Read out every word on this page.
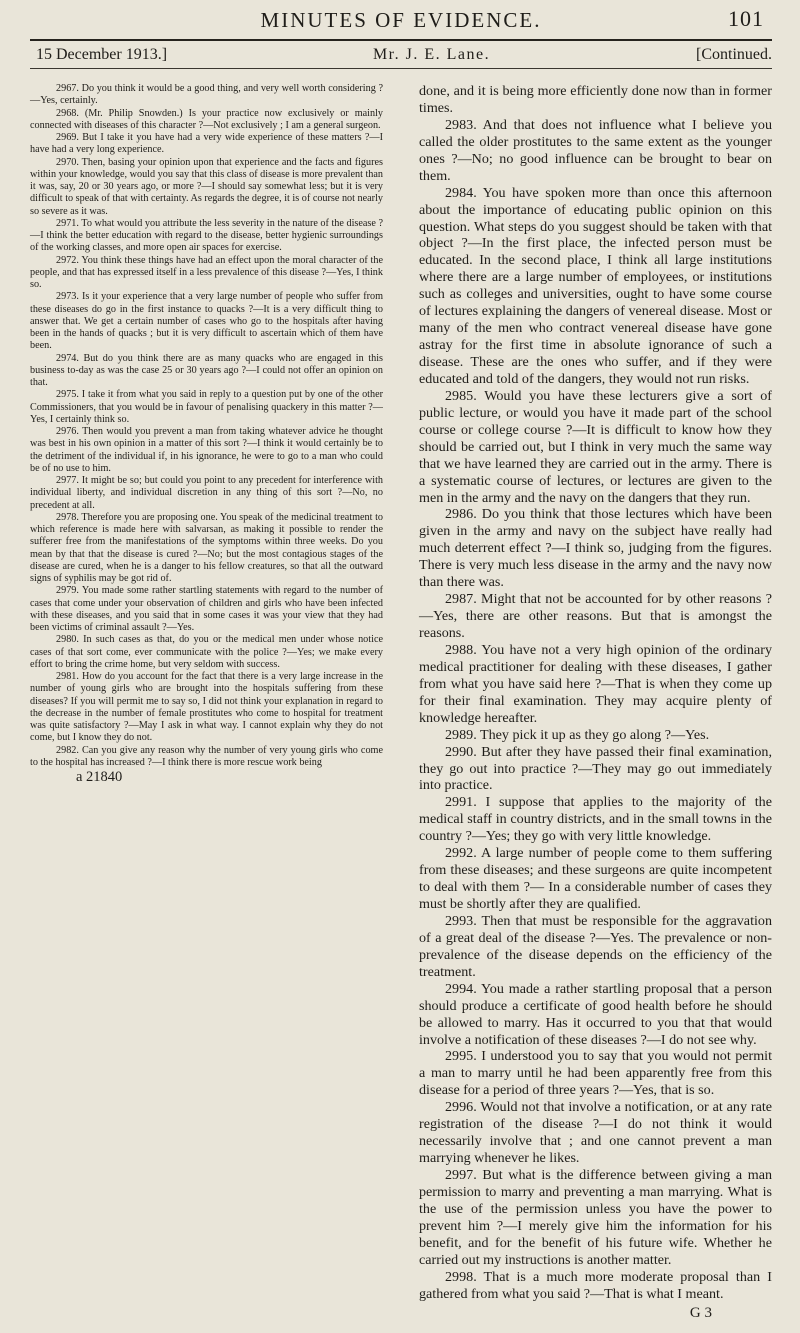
MINUTES OF EVIDENCE.	101
15 December 1913.]	Mr. J. E. Lane.	[Continued.

2967. Do you think it would be a good thing, and very well worth considering ?—Yes, certainly.

2968. (Mr. Philip Snowden.) Is your practice now exclusively or mainly connected with diseases of this character ?—Not exclusively ; I am a general surgeon.

2969. But I take it you have had a very wide experience of these matters ?—I have had a very long experience.

2970. Then, basing your opinion upon that experience and the facts and figures within your knowledge, would you say that this class of disease is more prevalent than it was, say, 20 or 30 years ago, or more ?—I should say somewhat less; but it is very difficult to speak of that with certainty. As regards the degree, it is of course not nearly so severe as it was.

2971. To what would you attribute the less severity in the nature of the disease ?—I think the better education with regard to the disease, better hygienic surroundings of the working classes, and more open air spaces for exercise.

2972. You think these things have had an effect upon the moral character of the people, and that has expressed itself in a less prevalence of this disease ?—Yes, I think so.

2973. Is it your experience that a very large number of people who suffer from these diseases do go in the first instance to quacks ?—It is a very difficult thing to answer that. We get a certain number of cases who go to the hospitals after having been in the hands of quacks ; but it is very difficult to ascertain which of them have been.

2974. But do you think there are as many quacks who are engaged in this business to-day as was the case 25 or 30 years ago ?—I could not offer an opinion on that.

2975. I take it from what you said in reply to a question put by one of the other Commissioners, that you would be in favour of penalising quackery in this matter ?—Yes, I certainly think so.

2976. Then would you prevent a man from taking whatever advice he thought was best in his own opinion in a matter of this sort ?—I think it would certainly be to the detriment of the individual if, in his ignorance, he were to go to a man who could be of no use to him.

2977. It might be so; but could you point to any precedent for interference with individual liberty, and individual discretion in any thing of this sort ?—No, no precedent at all.

2978. Therefore you are proposing one. You speak of the medicinal treatment to which reference is made here with salvarsan, as making it possible to render the sufferer free from the manifestations of the symptoms within three weeks. Do you mean by that that the disease is cured ?—No; but the most contagious stages of the disease are cured, when he is a danger to his fellow creatures, so that all the outward signs of syphilis may be got rid of.

2979. You made some rather startling statements with regard to the number of cases that come under your observation of children and girls who have been infected with these diseases, and you said that in some cases it was your view that they had been victims of criminal assault ?—Yes.

2980. In such cases as that, do you or the medical men under whose notice cases of that sort come, ever communicate with the police ?—Yes; we make every effort to bring the crime home, but very seldom with success.

2981. How do you account for the fact that there is a very large increase in the number of young girls who are brought into the hospitals suffering from these diseases? If you will permit me to say so, I did not think your explanation in regard to the decrease in the number of female prostitutes who come to hospital for treatment was quite satisfactory ?—May I ask in what way. I cannot explain why they do not come, but I know they do not.

2982. Can you give any reason why the number of very young girls who come to the hospital has increased ?—I think there is more rescue work being

a 21840

done, and it is being more efficiently done now than in former times.

2983. And that does not influence what I believe you called the older prostitutes to the same extent as the younger ones ?—No; no good influence can be brought to bear on them.

2984. You have spoken more than once this afternoon about the importance of educating public opinion on this question. What steps do you suggest should be taken with that object ?—In the first place, the infected person must be educated. In the second place, I think all large institutions where there are a large number of employees, or institutions such as colleges and universities, ought to have some course of lectures explaining the dangers of venereal disease. Most or many of the men who contract venereal disease have gone astray for the first time in absolute ignorance of such a disease. These are the ones who suffer, and if they were educated and told of the dangers, they would not run risks.

2985. Would you have these lecturers give a sort of public lecture, or would you have it made part of the school course or college course ?—It is difficult to know how they should be carried out, but I think in very much the same way that we have learned they are carried out in the army. There is a systematic course of lectures, or lectures are given to the men in the army and the navy on the dangers that they run.

2986. Do you think that those lectures which have been given in the army and navy on the subject have really had much deterrent effect ?—I think so, judging from the figures. There is very much less disease in the army and the navy now than there was.

2987. Might that not be accounted for by other reasons ?—Yes, there are other reasons. But that is amongst the reasons.

2988. You have not a very high opinion of the ordinary medical practitioner for dealing with these diseases, I gather from what you have said here ?—That is when they come up for their final examination. They may acquire plenty of knowledge hereafter.

2989. They pick it up as they go along ?—Yes.

2990. But after they have passed their final examination, they go out into practice ?—They may go out immediately into practice.

2991. I suppose that applies to the majority of the medical staff in country districts, and in the small towns in the country ?—Yes; they go with very little knowledge.

2992. A large number of people come to them suffering from these diseases; and these surgeons are quite incompetent to deal with them ?— In a considerable number of cases they must be shortly after they are qualified.

2993. Then that must be responsible for the aggravation of a great deal of the disease ?—Yes. The prevalence or non-prevalence of the disease depends on the efficiency of the treatment.

2994. You made a rather startling proposal that a person should produce a certificate of good health before he should be allowed to marry. Has it occurred to you that that would involve a notification of these diseases ?—I do not see why.

2995. I understood you to say that you would not permit a man to marry until he had been apparently free from this disease for a period of three years ?—Yes, that is so.

2996. Would not that involve a notification, or at any rate registration of the disease ?—I do not think it would necessarily involve that ; and one cannot prevent a man marrying whenever he likes.

2997. But what is the difference between giving a man permission to marry and preventing a man marrying. What is the use of the permission unless you have the power to prevent him ?—I merely give him the information for his benefit, and for the benefit of his future wife. Whether he carried out my instructions is another matter.

2998. That is a much more moderate proposal than I gathered from what you said ?—That is what I meant.

G 3
